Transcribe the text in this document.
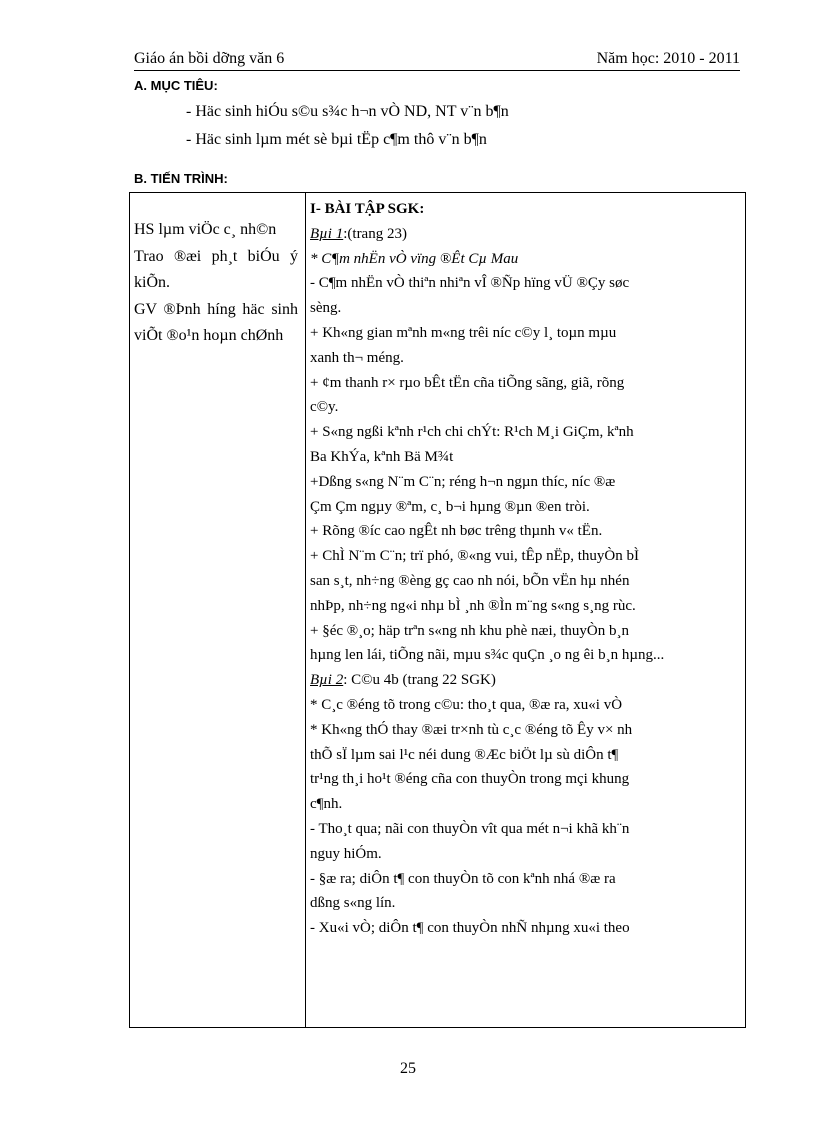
Giáo án bồi dỡng văn 6	Năm học: 2010 - 2011
A. MỤC TIÊU:
- Häc sinh hiÓu s©u s¾c h¬n vÒ ND, NT v¨n b¶n
- Häc sinh lµm mét sè bµi tËp c¶m thô v¨n b¶n
B. TIẾN TRÌNH:
HS lµm viÖc c¸ nh©n
Trao ®æi ph¸t biÓu ý kiÕn.
GV ®Þnh híng häc sinh viÕt ®o¹n hoµn chØnh
I- BÀI TẬP SGK:
Bµi 1:(trang 23)
* C¶m nhËn vÒ vïng ®Êt Cµ Mau
- C¶m nhËn vÒ thiªn nhiªn vÎ ®Ñp hïng vÜ ®Çy søc
sèng.
+ Kh«ng gian mªnh m«ng trêi níc c©y l¸ toµn mµu
xanh th¬ méng.
+ ¢m thanh r× rµo bÊt tËn cña tiÕng sãng, giã, rõng
c©y.
+ S«ng ngßi kªnh r¹ch chi chÝt: R¹ch M¸i GiÇm, kªnh
Ba KhÝa, kªnh Bä M¾t
+Dßng s«ng N¨m C¨n; réng h¬n ngµn thíc, níc ®æ
Çm Çm ngµy ®ªm, c¸ b¬i hµng ®µn ®en tròi.
+ Rõng ®íc cao ngÊt nh bøc trêng thµnh v« tËn.
+ ChÌ N¨m C¨n; trï phó, ®«ng vui, tÊp nËp, thuyÒn bÌ
san s¸t, nh÷ng ®èng gç cao nh nói, bÕn vËn hµ nhén
nhÞp, nh÷ng ng«i nhµ bÌ ¸nh ®Ìn m¨ng s«ng s¸ng rùc.
+ §éc ®¸o; häp trªn s«ng nh khu phè næi, thuyÒn b¸n
hµng len lái, tiÕng nãi, mµu s¾c quÇn ¸o ng êi b¸n hµng...
Bµi 2: C©u 4b (trang 22 SGK)
* C¸c ®éng tõ trong c©u: tho¸t qua, ®æ ra, xu«i vÒ
* Kh«ng thÓ thay ®æi tr×nh tù c¸c ®éng tõ Êy v× nh
thÕ sÏ lµm sai l¹c néi dung ®Æc biÖt lµ sù diÔn t¶
tr¹ng th¸i ho¹t ®éng cña con thuyÒn trong mçi khung
c¶nh.
- Tho¸t qua; nãi con thuyÒn vît qua mét n¬i khã kh¨n
nguy hiÓm.
- §æ ra; diÔn t¶ con thuyÒn tõ con kªnh nhá ®æ ra
dßng s«ng lín.
- Xu«i vÒ; diÔn t¶ con thuyÒn nhÑ nhµng xu«i theo
25
